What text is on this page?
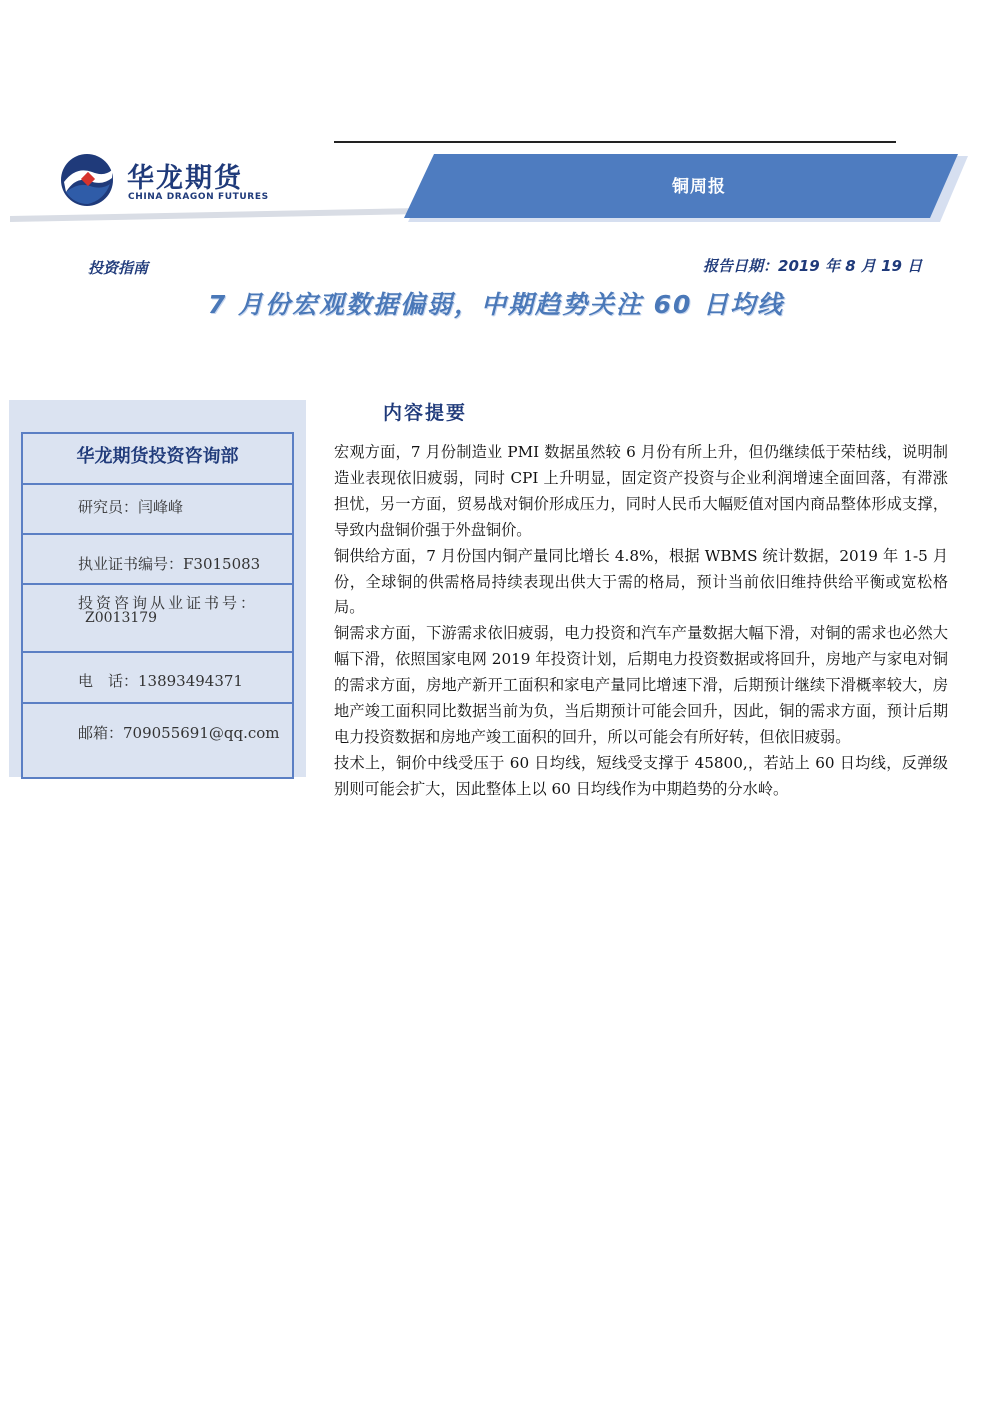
华龙期货
CHINA DRAGON FUTURES	铜周报
投资指南	报告日期：2019 年 8 月 19 日
7 月份宏观数据偏弱，中期趋势关注 60 日均线
华龙期货投资咨询部
研究员：闫峰峰
执业证书编号：F3015083
投资咨询从业证书号：
Z0013179
电　话：13893494371
邮箱：709055691@qq.com
内容提要

宏观方面，7 月份制造业 PMI 数据虽然较 6 月份有所上升，但仍继续低于荣枯线，说明制造业表现依旧疲弱，同时 CPI 上升明显，固定资产投资与企业利润增速全面回落，有滞涨担忧，另一方面，贸易战对铜价形成压力，同时人民币大幅贬值对国内商品整体形成支撑，导致内盘铜价强于外盘铜价。

铜供给方面，7 月份国内铜产量同比增长 4.8%，根据 WBMS 统计数据，2019 年 1-5 月份，全球铜的供需格局持续表现出供大于需的格局，预计当前依旧维持供给平衡或宽松格局。

铜需求方面，下游需求依旧疲弱，电力投资和汽车产量数据大幅下滑，对铜的需求也必然大幅下滑，依照国家电网 2019 年投资计划，后期电力投资数据或将回升，房地产与家电对铜的需求方面，房地产新开工面积和家电产量同比增速下滑，后期预计继续下滑概率较大，房地产竣工面积同比数据当前为负，当后期预计可能会回升，因此，铜的需求方面，预计后期电力投资数据和房地产竣工面积的回升，所以可能会有所好转，但依旧疲弱。

技术上，铜价中线受压于 60 日均线，短线受支撑于 45800,，若站上 60 日均线，反弹级别则可能会扩大，因此整体上以 60 日均线作为中期趋势的分水岭。
